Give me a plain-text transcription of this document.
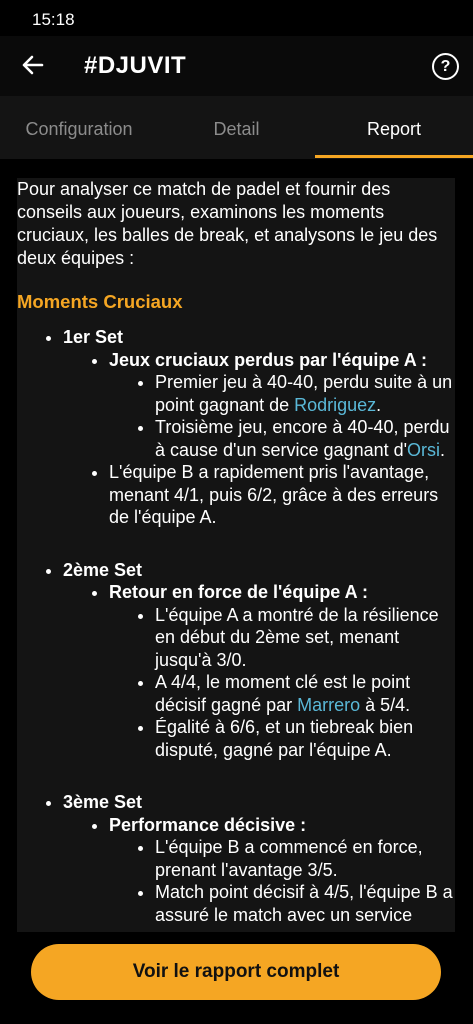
15:18
#DJUVIT	?
Configuration	Detail	Report

Pour analyser ce match de padel et fournir des conseils aux joueurs, examinons les moments cruciaux, les balles de break, et analysons le jeu des deux équipes :

Moments Cruciaux
• 1er Set
• Jeux cruciaux perdus par l'équipe A :
• Premier jeu à 40-40, perdu suite à un point gagnant de Rodriguez.
• Troisième jeu, encore à 40-40, perdu à cause d'un service gagnant d'Orsi.
• L'équipe B a rapidement pris l'avantage, menant 4/1, puis 6/2, grâce à des erreurs de l'équipe A.
• 2ème Set
• Retour en force de l'équipe A :
• L'équipe A a montré de la résilience en début du 2ème set, menant jusqu'à 3/0.
• A 4/4, le moment clé est le point décisif gagné par Marrero à 5/4.
• Égalité à 6/6, et un tiebreak bien disputé, gagné par l'équipe A.
• 3ème Set
• Performance décisive :
• L'équipe B a commencé en force, prenant l'avantage 3/5.
• Match point décisif à 4/5, l'équipe B a assuré le match avec un service
Voir le rapport complet
